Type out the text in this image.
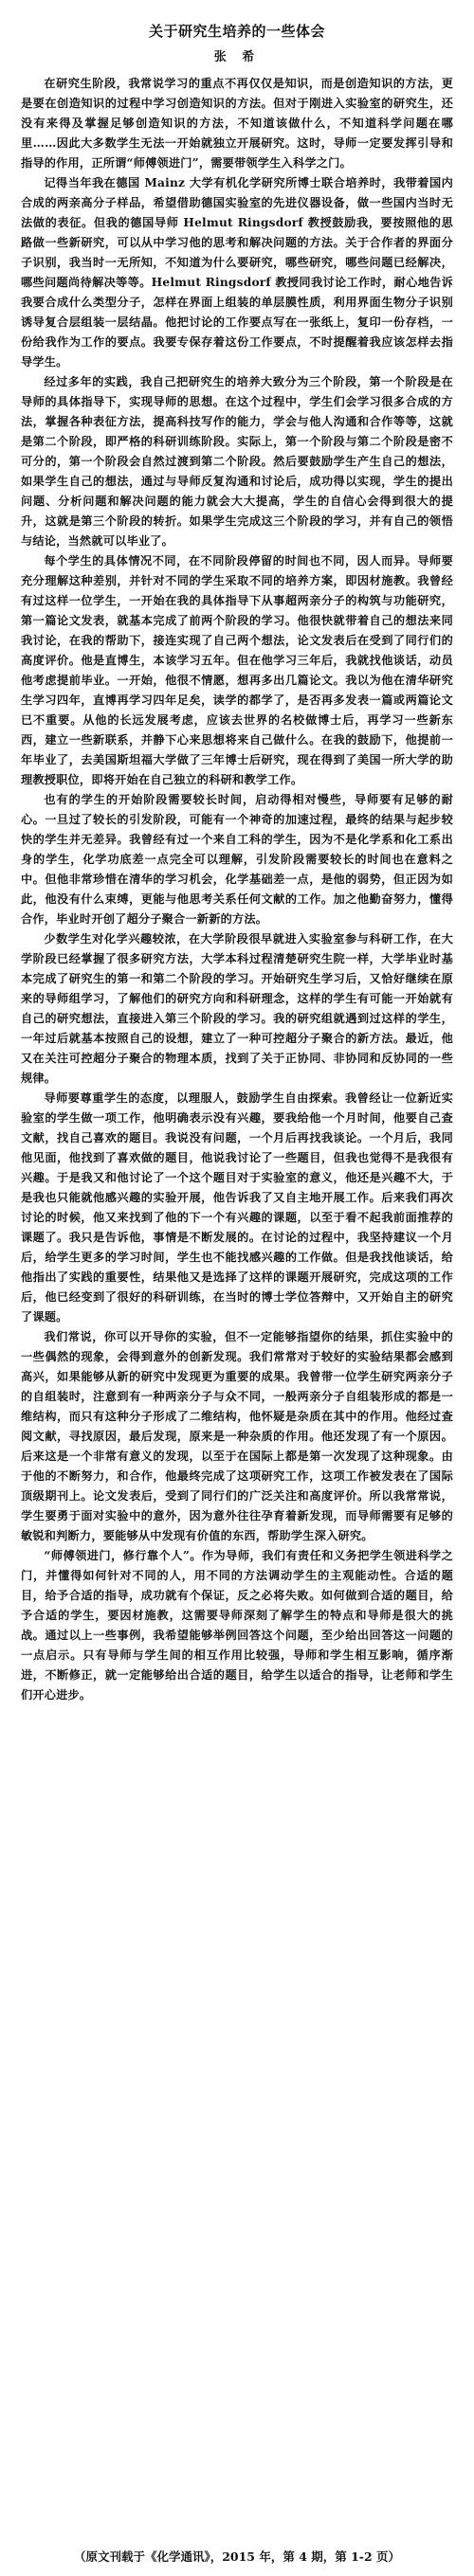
关于研究生培养的一些体会
张 希

在研究生阶段，我常说学习的重点不再仅仅是知识，而是创造知识的方法，更是要在创造知识的过程中学习创造知识的方法。但对于刚进入实验室的研究生，还没有来得及掌握足够创造知识的方法，不知道该做什么，不知道科学问题在哪里……因此大多数学生无法一开始就独立开展研究。这时，导师一定要发挥引导和指导的作用，正所谓“师傅领进门”，需要带领学生入科学之门。

记得当年我在德国 Mainz 大学有机化学研究所博士联合培养时，我带着国内合成的两亲高分子样品，希望借助德国实验室的先进仪器设备，做一些国内当时无法做的表征。但我的德国导师 Helmut Ringsdorf 教授鼓励我，要按照他的思路做一些新研究，可以从中学习他的思考和解决问题的方法。关于合作者的界面分子识别，我当时一无所知，不知道为什么要研究，哪些研究，哪些问题已经解决，哪些问题尚待解决等等。Helmut Ringsdorf 教授同我讨论工作时，耐心地告诉我要合成什么类型分子，怎样在界面上组装的单层膜性质，利用界面生物分子识别诱导复合层组装一层结晶。他把讨论的工作要点写在一张纸上，复印一份存档，一份给我作为工作的要点。我要专保存着这份工作要点，不时提醒着我应该怎样去指导学生。

经过多年的实践，我自己把研究生的培养大致分为三个阶段，第一个阶段是在导师的具体指导下，实现导师的思想。在这个过程中，学生们会学习很多合成的方法，掌握各种表征方法，提高科技写作的能力，学会与他人沟通和合作等等，这就是第二个阶段，即严格的科研训练阶段。实际上，第一个阶段与第二个阶段是密不可分的，第一个阶段会自然过渡到第二个阶段。然后要鼓励学生产生自己的想法，如果学生自己的想法，通过与导师反复沟通和讨论后，成功得以实现，学生的提出问题、分析问题和解决问题的能力就会大大提高，学生的自信心会得到很大的提升，这就是第三个阶段的转折。如果学生完成这三个阶段的学习，并有自己的领悟与结论，当然就可以毕业了。

每个学生的具体情况不同，在不同阶段停留的时间也不同，因人而异。导师要充分理解这种差别，并针对不同的学生采取不同的培养方案，即因材施教。我曾经有过这样一位学生，一开始在我的具体指导下从事超两亲分子的构筑与功能研究，第一篇论文发表，就基本完成了前两个阶段的学习。他很快就带着自己的想法来同我讨论，在我的帮助下，接连实现了自己两个想法，论文发表后在受到了同行们的高度评价。他是直博生，本该学习五年。但在他学习三年后，我就找他谈话，动员他考虑提前毕业。一开始，他很不情愿，想再多出几篇论文。我以为他在清华研究生学习四年，直博再学习四年足矣，读学的都学了，是否再多发表一篇或两篇论文已不重要。从他的长远发展考虑，应该去世界的名校做博士后，再学习一些新东西，建立一些新联系，并静下心来思想将来自己做什么。在我的鼓励下，他提前一年毕业了，去美国斯坦福大学做了三年博士后研究，现在得到了美国一所大学的助理教授职位，即将开始在自己独立的科研和教学工作。

也有的学生的开始阶段需要较长时间，启动得相对慢些，导师要有足够的耐心。一旦过了较长的引发阶段，可能有一个神奇的加速过程，最终的结果与起步较快的学生并无差异。我曾经有过一个来自工科的学生，因为不是化学系和化工系出身的学生，化学功底差一点完全可以理解，引发阶段需要较长的时间也在意料之中。但他非常珍惜在清华的学习机会，化学基础差一点，是他的弱势，但正因为如此，他没有什么束缚，更能与他思考关系任何文献的工作。加之他勤奋努力，懂得合作，毕业时开创了超分子聚合一新新的方法。

少数学生对化学兴趣较浓，在大学阶段很早就进入实验室参与科研工作，在大学阶段已经掌握了很多研究方法，大学本科过程清楚研究生院一样，大学毕业时基本完成了研究生的第一和第二个阶段的学习。开始研究生学习后，又恰好继续在原来的导师组学习，了解他们的研究方向和科研理念，这样的学生有可能一开始就有自己的研究想法，直接进入第三个阶段的学习。我的研究组就遇到过这样的学生，一年过后就基本按照自己的设想，建立了一种可控超分子聚合的新方法。最近，他又在关注可控超分子聚合的物理本质，找到了关于正协同、非协同和反协同的一些规律。

导师要尊重学生的态度，以理服人，鼓励学生自由探索。我曾经让一位新近实验室的学生做一项工作，他明确表示没有兴趣，要我给他一个月时间，他要自己查文献，找自己喜欢的题目。我说没有问题，一个月后再找我谈论。一个月后，我同他见面，他找到了喜欢做的题目，他说我讨论了一些题目，但我也觉得不是我很有兴趣。于是我又和他讨论了一个这个题目对于实验室的意义，他还是兴趣不大，于是我也只能就他感兴趣的实验开展，他告诉我了又自主地开展工作。后来我们再次讨论的时候，他又来找到了他的下一个有兴趣的课题，以至于看不起我前面推荐的课题了。我只是告诉他，事情是不断发展的。在讨论的过程中，我坚持建议一个月后，给学生更多的学习时间，学生也不能找感兴趣的工作做。但是我找他谈话，给他指出了实践的重要性，结果他又是选择了这样的课题开展研究，完成这项的工作后，他已经变到了很好的科研训练，在当时的博士学位答辩中，又开始自主的研究了课题。

我们常说，你可以开导你的实验，但不一定能够指望你的结果，抓住实验中的一些偶然的现象，会得到意外的创新发现。我们常常对于较好的实验结果都会感到高兴，如果能够从新的研究中发现更为重要的成果。我曾带一位学生研究两亲分子的自组装时，注意到有一种两亲分子与众不同，一般两亲分子自组装形成的都是一维结构，而只有这种分子形成了二维结构，他怀疑是杂质在其中的作用。他经过查阅文献，寻找原因，最后发现，原来是一种杂质的作用。他还发现了有一个原因。后来这是一个非常有意义的发现，以至于在国际上都是第一次发现了这种现象。由于他的不断努力，和合作，他最终完成了这项研究工作，这项工作被发表在了国际顶级期刊上。论文发表后，受到了同行们的广泛关注和高度评价。所以我常常说，学生要勇于面对实验中的意外，因为意外往往孕育着新发现，而导师需要有足够的敏锐和判断力，要能够从中发现有价值的东西，帮助学生深入研究。

“师傅领进门，修行靠个人”。作为导师，我们有责任和义务把学生领进科学之门，并懂得如何针对不同的人，用不同的方法调动学生的主观能动性。合适的题目，给予合适的指导，成功就有个保证，反之必将失败。如何做到合适的题目，给予合适的学生，要因材施教，这需要导师深刻了解学生的特点和导师是很大的挑战。通过以上一些事例，我希望能够举例回答这个问题，至少给出回答这一问题的一点启示。只有导师与学生间的相互作用比较强，导师和学生相互影响，循序渐进，不断修正，就一定能够给出合适的题目，给学生以适合的指导，让老师和学生们开心进步。

（原文刊载于《化学通讯》，2015 年，第 4 期，第 1-2 页）
